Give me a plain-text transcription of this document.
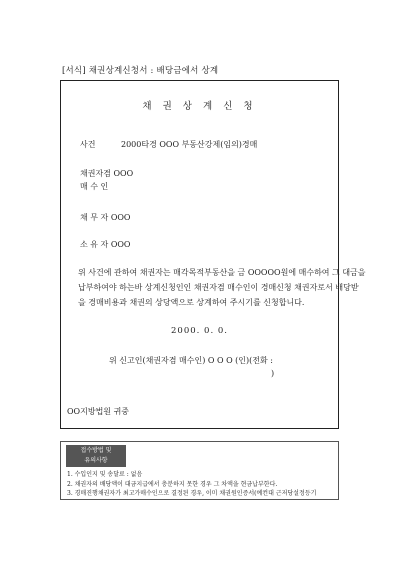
[서식] 채권상계신청서 : 배당금에서 상계
채 권 상 계 신 청
사건	2000타경 OOO 부동산강제(임의)경매
채권자겸 OOO
매 수 인
채 무 자 OOO
소 유 자 OOO
위 사건에 관하여 채권자는 매각목적부동산을 금 OOOOO원에 매수하여 그 대금을
납부하여야 하는바 상계신청인인 채권자겸 매수인이 경매신청 채권자로서 배당받
을 경매비용과 채권의 상당액으로 상계하여 주시기를 신청합니다.
2000. 0. 0.
위 신고인(채권자겸 매수인) O O O (인)(전화 :
)
OO지방법원 귀중
접수방법 및
유의사항
1. 수입인지 및 송달료 : 없음
2. 채권자의 배당액이 대금지급에서 충분하지 못한 경우 그 차액을 현금납부한다.
3. 경매진행채권자가 최고가매수인으로 결정된 경우, 이미 채권원인증서(예컨대 근저당설정등기
